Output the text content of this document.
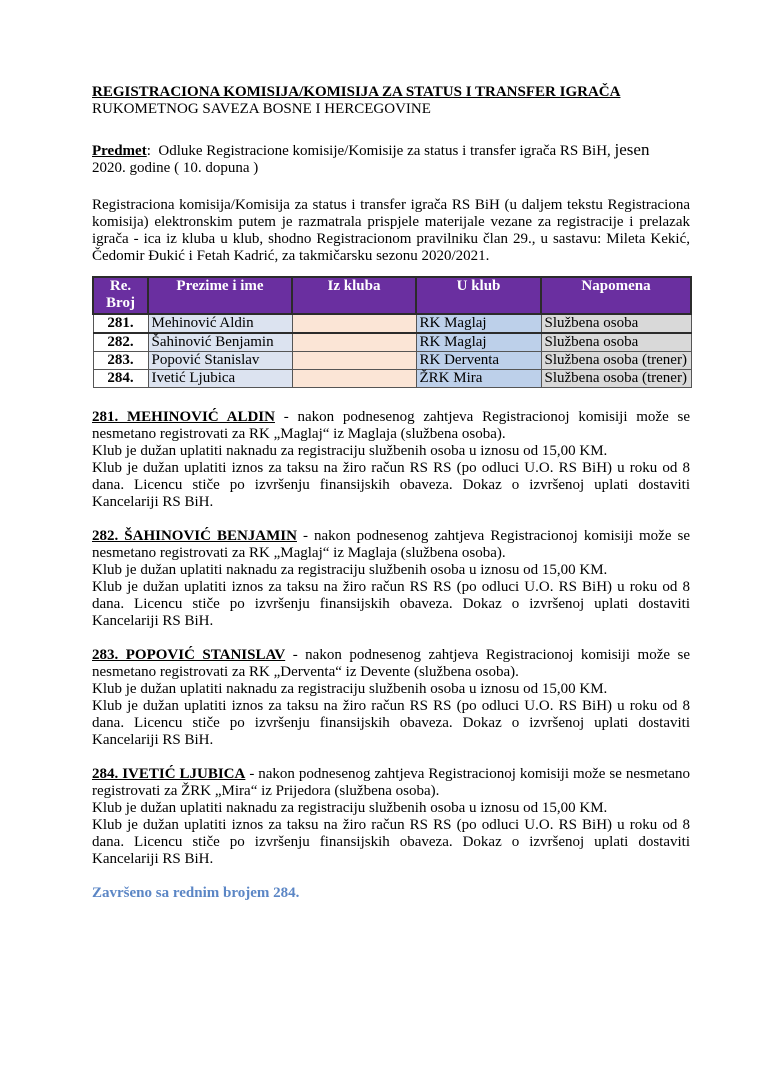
REGISTRACIONA KOMISIJA/KOMISIJA ZA STATUS I TRANSFER IGRAČA

RUKOMETNOG SAVEZA BOSNE I HERCEGOVINE

Predmet:  Odluke Registracione komisije/Komisije za status i transfer igrača RS BiH, jesen
2020. godine ( 10. dopuna )
Registraciona komisija/Komisija za status i transfer igrača RS BiH (u daljem tekstu Registraciona komisija) elektronskim putem je razmatrala prispjele materijale vezane za registracije i prelazak igrača - ica iz kluba u klub, shodno Registracionom pravilniku član 29., u sastavu: Mileta Kekić, Čedomir Đukić i Fetah Kadrić, za takmičarsku sezonu 2020/2021.
Re. Broj	Prezime i ime	Iz kluba	U klub	Napomena
281.	Mehinović Aldin		RK Maglaj	Službena osoba
282.	Šahinović Benjamin		RK Maglaj	Službena osoba
283.	Popović Stanislav		RK Derventa	Službena osoba (trener)
284.	Ivetić Ljubica		ŽRK Mira	Službena osoba (trener)
281. MEHINOVIĆ ALDIN - nakon podnesenog zahtjeva Registracionoj komisiji može se nesmetano registrovati za RK „Maglaj“ iz Maglaja (službena osoba).
Klub je dužan uplatiti naknadu za registraciju službenih osoba u iznosu od 15,00 KM.
Klub je dužan uplatiti iznos za taksu na žiro račun RS RS (po odluci U.O. RS BiH) u roku od 8 dana. Licencu stiče po izvršenju finansijskih obaveza. Dokaz o izvršenoj uplati dostaviti Kancelariji RS BiH.
282. ŠAHINOVIĆ BENJAMIN - nakon podnesenog zahtjeva Registracionoj komisiji može se nesmetano registrovati za RK „Maglaj“ iz Maglaja (službena osoba).
Klub je dužan uplatiti naknadu za registraciju službenih osoba u iznosu od 15,00 KM.
Klub je dužan uplatiti iznos za taksu na žiro račun RS RS (po odluci U.O. RS BiH) u roku od 8 dana. Licencu stiče po izvršenju finansijskih obaveza. Dokaz o izvršenoj uplati dostaviti Kancelariji RS BiH.
283. POPOVIĆ STANISLAV - nakon podnesenog zahtjeva Registracionoj komisiji može se nesmetano registrovati za RK „Derventa“ iz Devente (službena osoba).
Klub je dužan uplatiti naknadu za registraciju službenih osoba u iznosu od 15,00 KM.
Klub je dužan uplatiti iznos za taksu na žiro račun RS RS (po odluci U.O. RS BiH) u roku od 8 dana. Licencu stiče po izvršenju finansijskih obaveza. Dokaz o izvršenoj uplati dostaviti Kancelariji RS BiH.
284. IVETIĆ LJUBICA - nakon podnesenog zahtjeva Registracionoj komisiji može se nesmetano registrovati za ŽRK „Mira“ iz Prijedora (službena osoba).
Klub je dužan uplatiti naknadu za registraciju službenih osoba u iznosu od 15,00 KM.
Klub je dužan uplatiti iznos za taksu na žiro račun RS RS (po odluci U.O. RS BiH) u roku od 8 dana. Licencu stiče po izvršenju finansijskih obaveza. Dokaz o izvršenoj uplati dostaviti Kancelariji RS BiH.
Završeno sa rednim brojem 284.
